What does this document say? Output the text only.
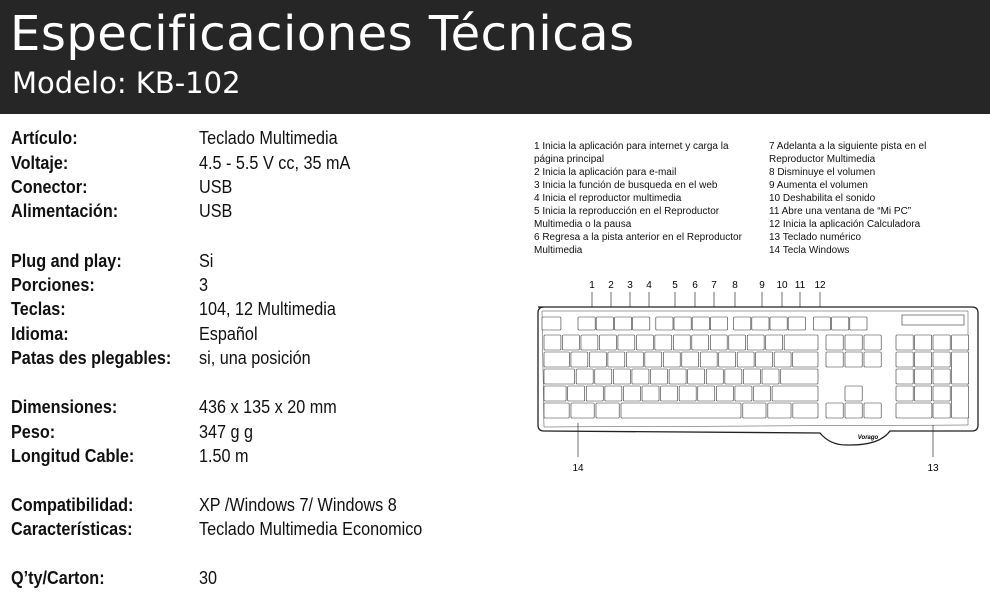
Especificaciones Técnicas
Modelo: KB-102
Artículo:	Teclado Multimedia
Voltaje:	4.5 - 5.5 V cc, 35 mA
Conector:	USB
Alimentación:	USB
Plug and play:	Si
Porciones:	3
Teclas:	104, 12 Multimedia
Idioma:	Español
Patas des plegables: si, una posición
Dimensiones:	436 x 135 x 20 mm
Peso:	347 g g
Longitud Cable:	1.50 m
Compatibilidad:	XP /Windows 7/ Windows 8
Características:	Teclado Multimedia Economico
Q’ty/Carton:	30
1 Inicia la aplicación para internet y carga la página principal
2 Inicia la aplicación para e-mail
3 Inicia la función de busqueda en el web
4 Inicia el reproductor multimedia
5 Inicia la reproducción en el Reproductor Multimedia o la pausa
6 Regresa a la pista anterior en el Reproductor Multimedia
7 Adelanta a la siguiente pista en el Reproductor Multimedia
8 Disminuye el volumen
9 Aumenta el volumen
10 Deshabilita el sonido
11 Abre una ventana de “Mi PC”
12 Inicia la aplicación Calculadora
13 Teclado numérico
14 Tecla Windows
1 2 3 4 5 6 7 8 9 10 11 12
14	13
Vorago
